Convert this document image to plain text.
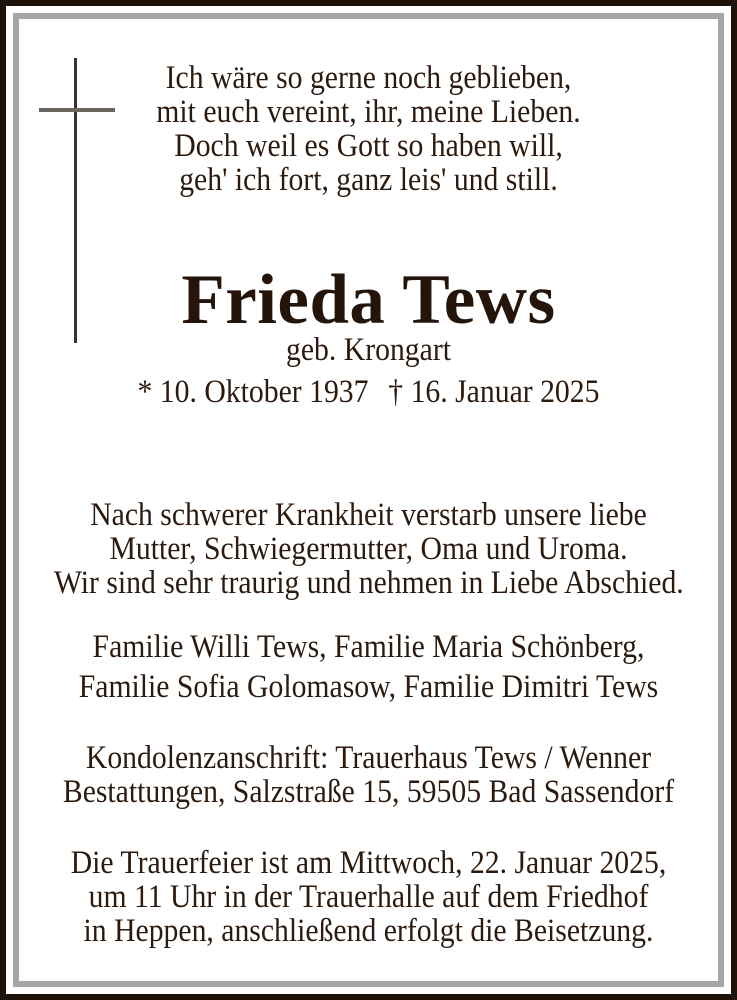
Ich wäre so gerne noch geblieben,
mit euch vereint, ihr, meine Lieben.
Doch weil es Gott so haben will,
geh' ich fort, ganz leis' und still.
Frieda Tews
geb. Krongart
* 10. Oktober 1937 † 16. Januar 2025
Nach schwerer Krankheit verstarb unsere liebe
Mutter, Schwiegermutter, Oma und Uroma.
Wir sind sehr traurig und nehmen in Liebe Abschied.
Familie Willi Tews, Familie Maria Schönberg,
Familie Sofia Golomasow, Familie Dimitri Tews
Kondolenzanschrift: Trauerhaus Tews / Wenner
Bestattungen, Salzstraße 15, 59505 Bad Sassendorf
Die Trauerfeier ist am Mittwoch, 22. Januar 2025,
um 11 Uhr in der Trauerhalle auf dem Friedhof
in Heppen, anschließend erfolgt die Beisetzung.
